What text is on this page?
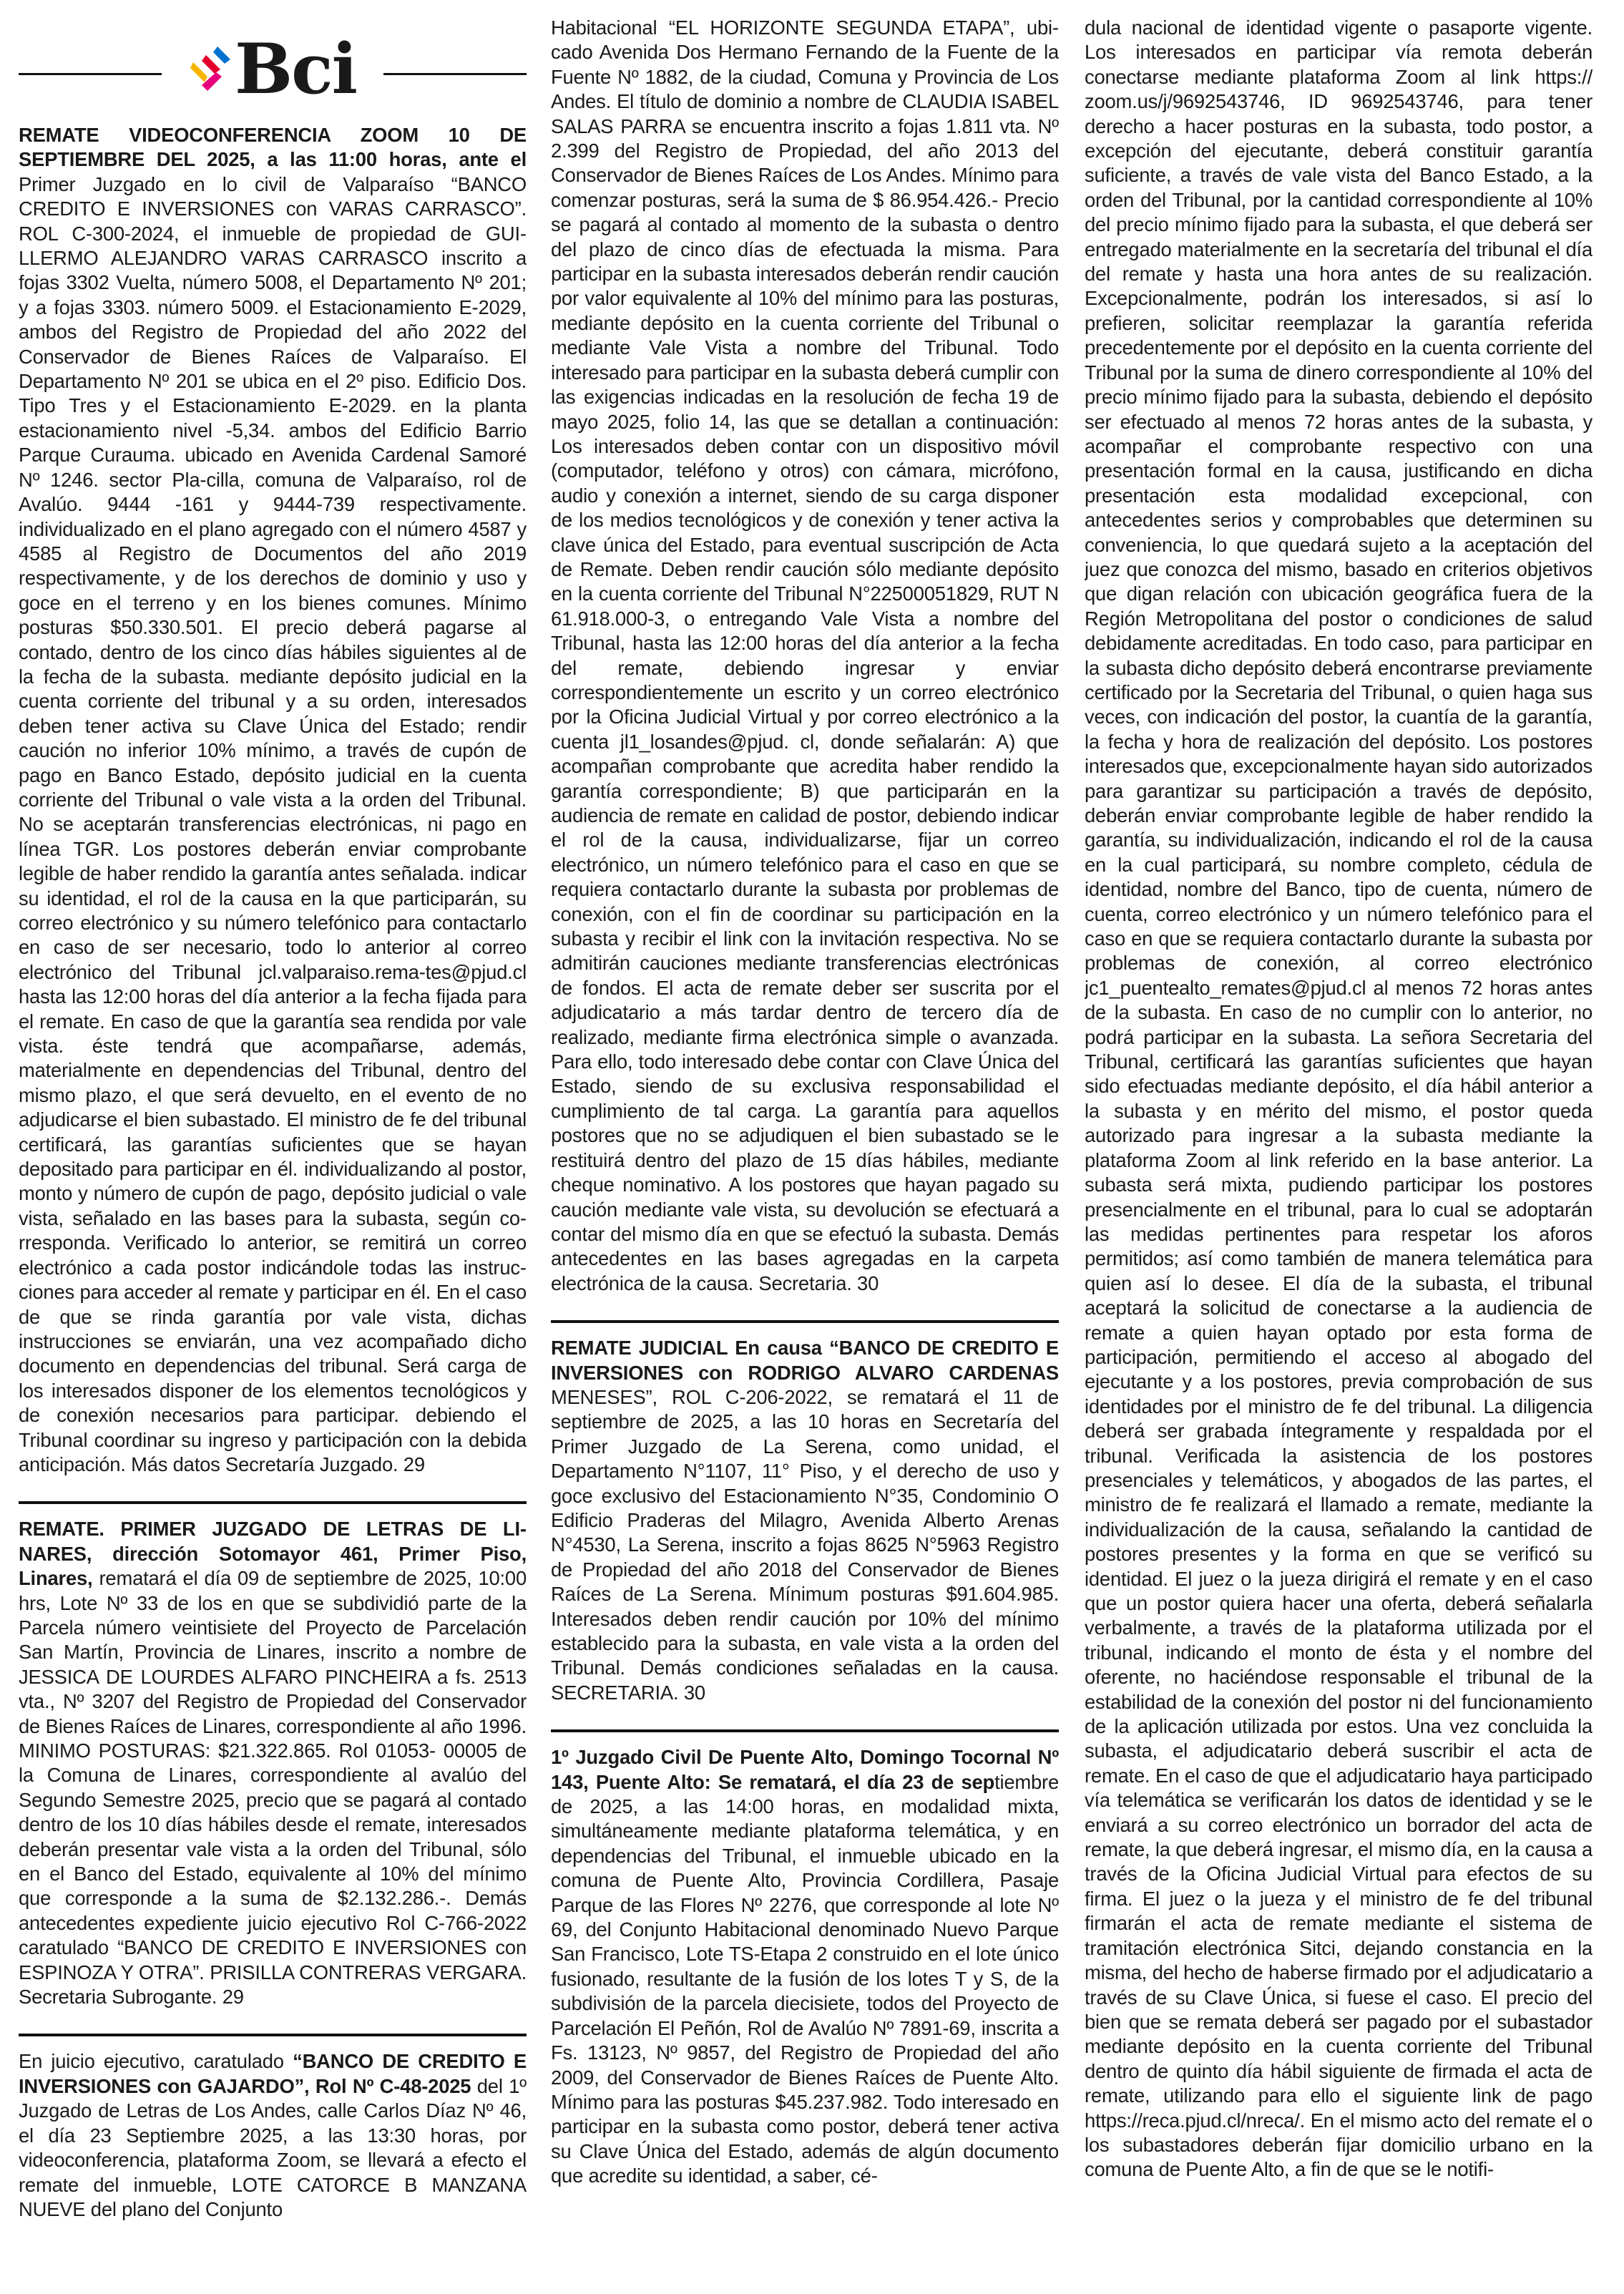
Bci

REMATE VIDEOCONFERENCIA ZOOM 10 DE SEPTIEMBRE DEL 2025, a las 11:00 horas, ante el Primer Juzgado en lo civil de Valparaíso “BANCO CREDITO E INVERSIONES con VARAS CARRASCO”. ROL C-300-2024, el inmueble de propiedad de GUILLERMO ALEJANDRO VARAS CARRASCO inscrito a fojas 3302 Vuelta, número 5008, el Departamento Nº 201; y a fojas 3303. número 5009. el Estacionamiento E-2029, ambos del Registro de Propiedad del año 2022 del Conservador de Bienes Raíces de Valparaíso. El Departamento Nº 201 se ubica en el 2º piso. Edificio Dos. Tipo Tres y el Estacionamiento E-2029. en la planta estacionamiento nivel -5,34. ambos del Edificio Barrio Parque Curauma. ubicado en Avenida Cardenal Samoré Nº 1246. sector Pla-cilla, comuna de Valparaíso, rol de Avalúo. 9444 -161 y 9444-739 respectivamente. individualizado en el plano agregado con el número 4587 y 4585 al Registro de Documentos del año 2019 respectivamente, y de los derechos de dominio y uso y goce en el terreno y en los bienes comunes. Mínimo posturas $50.330.501. El precio deberá pagarse al contado, dentro de los cinco días hábiles siguientes al de la fecha de la subasta. mediante depósito judicial en la cuenta corriente del tribunal y a su orden, interesados deben tener activa su Clave Única del Estado; rendir caución no inferior 10% mínimo, a través de cupón de pago en Banco Estado, depósito judicial en la cuenta corriente del Tribunal o vale vista a la orden del Tribunal. No se aceptarán transferencias electrónicas, ni pago en línea TGR. Los postores deberán enviar comprobante legible de haber rendido la garantía antes señalada. indicar su identidad, el rol de la causa en la que participarán, su correo electrónico y su número telefónico para contactarlo en caso de ser necesario, todo lo anterior al correo electrónico del Tribunal jcl.valparaiso.rema-tes@pjud.cl hasta las 12:00 horas del día anterior a la fecha fijada para el remate. En caso de que la garantía sea rendida por vale vista. éste tendrá que acompañarse, además, materialmente en dependencias del Tribunal, dentro del mismo plazo, el que será devuelto, en el evento de no adjudicarse el bien subastado. El ministro de fe del tribunal certificará, las garantías suficientes que se hayan depositado para participar en él. individualizando al postor, monto y número de cupón de pago, depósito judicial o vale vista, señalado en las bases para la subasta, según corresponda. Verificado lo anterior, se remitirá un correo electrónico a cada postor indicándole todas las instrucciones para acceder al remate y participar en él. En el caso de que se rinda garantía por vale vista, dichas instrucciones se enviarán, una vez acompañado dicho documento en dependencias del tribunal. Será carga de los interesados disponer de los elementos tecnológicos y de conexión necesarios para participar. debiendo el Tribunal coordinar su ingreso y participación con la debida anticipación. Más datos Secretaría Juzgado. 29

REMATE. PRIMER JUZGADO DE LETRAS DE LINARES, dirección Sotomayor 461, Primer Piso, Linares, rematará el día 09 de septiembre de 2025, 10:00 hrs, Lote Nº 33 de los en que se subdividió parte de la Parcela número veintisiete del Proyecto de Parcelación San Martín, Provincia de Linares, inscrito a nombre de JESSICA DE LOURDES ALFARO PINCHEIRA a fs. 2513 vta., Nº 3207 del Registro de Propiedad del Conservador de Bienes Raíces de Linares, correspondiente al año 1996. MINIMO POSTURAS: $21.322.865. Rol 01053- 00005 de la Comuna de Linares, correspondiente al avalúo del Segundo Semestre 2025, precio que se pagará al contado dentro de los 10 días hábiles desde el remate, interesados deberán presentar vale vista a la orden del Tribunal, sólo en el Banco del Estado, equivalente al 10% del mínimo que corresponde a la suma de $2.132.286.-. Demás antecedentes expediente juicio ejecutivo Rol C-766-2022 caratulado “BANCO DE CREDITO E INVERSIONES con ESPINOZA Y OTRA”. PRISILLA CONTRERAS VERGARA. Secretaria Subrogante. 29

En juicio ejecutivo, caratulado “BANCO DE CREDITO E INVERSIONES con GAJARDO”, Rol Nº C-48-2025 del 1º Juzgado de Letras de Los Andes, calle Carlos Díaz Nº 46, el día 23 Septiembre 2025, a las 13:30 horas, por videoconferencia, plataforma Zoom, se llevará a efecto el remate del inmueble, LOTE CATORCE B MANZANA NUEVE del plano del Conjunto

Habitacional “EL HORIZONTE SEGUNDA ETAPA”, ubicado Avenida Dos Hermano Fernando de la Fuente de la Fuente Nº 1882, de la ciudad, Comuna y Provincia de Los Andes. El título de dominio a nombre de CLAUDIA ISABEL SALAS PARRA se encuentra inscrito a fojas 1.811 vta. Nº 2.399 del Registro de Propiedad, del año 2013 del Conservador de Bienes Raíces de Los Andes. Mínimo para comenzar posturas, será la suma de $ 86.954.426.- Precio se pagará al contado al momento de la subasta o dentro del plazo de cinco días de efectuada la misma. Para participar en la subasta interesados deberán rendir caución por valor equivalente al 10% del mínimo para las posturas, mediante depósito en la cuenta corriente del Tribunal o mediante Vale Vista a nombre del Tribunal. Todo interesado para participar en la subasta deberá cumplir con las exigencias indicadas en la resolución de fecha 19 de mayo 2025, folio 14, las que se detallan a continuación: Los interesados deben contar con un dispositivo móvil (computador, teléfono y otros) con cámara, micrófono, audio y conexión a internet, siendo de su carga disponer de los medios tecnológicos y de conexión y tener activa la clave única del Estado, para eventual suscripción de Acta de Remate. Deben rendir caución sólo mediante depósito en la cuenta corriente del Tribunal N°22500051829, RUT N 61.918.000-3, o entregando Vale Vista a nombre del Tribunal, hasta las 12:00 horas del día anterior a la fecha del remate, debiendo ingresar y enviar correspondientemente un escrito y un correo electrónico por la Oficina Judicial Virtual y por correo electrónico a la cuenta jl1_losandes@pjud. cl, donde señalarán: A) que acompañan comprobante que acredita haber rendido la garantía correspondiente; B) que participarán en la audiencia de remate en calidad de postor, debiendo indicar el rol de la causa, individualizarse, fijar un correo electrónico, un número telefónico para el caso en que se requiera contactarlo durante la subasta por problemas de conexión, con el fin de coordinar su participación en la subasta y recibir el link con la invitación respectiva. No se admitirán cauciones mediante transferencias electrónicas de fondos. El acta de remate deber ser suscrita por el adjudicatario a más tardar dentro de tercero día de realizado, mediante firma electrónica simple o avanzada. Para ello, todo interesado debe contar con Clave Única del Estado, siendo de su exclusiva responsabilidad el cumplimiento de tal carga. La garantía para aquellos postores que no se adjudiquen el bien subastado se le restituirá dentro del plazo de 15 días hábiles, mediante cheque nominativo. A los postores que hayan pagado su caución mediante vale vista, su devolución se efectuará a contar del mismo día en que se efectuó la subasta. Demás antecedentes en las bases agregadas en la carpeta electrónica de la causa. Secretaria. 30

REMATE JUDICIAL En causa “BANCO DE CREDITO E INVERSIONES con RODRIGO ALVARO CARDENAS MENESES”, ROL C-206-2022, se rematará el 11 de septiembre de 2025, a las 10 horas en Secretaría del Primer Juzgado de La Serena, como unidad, el Departamento N°1107, 11° Piso, y el derecho de uso y goce exclusivo del Estacionamiento N°35, Condominio O Edificio Praderas del Milagro, Avenida Alberto Arenas N°4530, La Serena, inscrito a fojas 8625 N°5963 Registro de Propiedad del año 2018 del Conservador de Bienes Raíces de La Serena. Mínimum posturas $91.604.985. Interesados deben rendir caución por 10% del mínimo establecido para la subasta, en vale vista a la orden del Tribunal. Demás condiciones señaladas en la causa. SECRETARIA. 30

1º Juzgado Civil De Puente Alto, Domingo Tocornal Nº 143, Puente Alto: Se rematará, el día 23 de septiembre de 2025, a las 14:00 horas, en modalidad mixta, simultáneamente mediante plataforma telemática, y en dependencias del Tribunal, el inmueble ubicado en la comuna de Puente Alto, Provincia Cordillera, Pasaje Parque de las Flores Nº 2276, que corresponde al lote Nº 69, del Conjunto Habitacional denominado Nuevo Parque San Francisco, Lote TS-Etapa 2 construido en el lote único fusionado, resultante de la fusión de los lotes T y S, de la subdivisión de la parcela diecisiete, todos del Proyecto de Parcelación El Peñón, Rol de Avalúo Nº 7891-69, inscrita a Fs. 13123, Nº 9857, del Registro de Propiedad del año 2009, del Conservador de Bienes Raíces de Puente Alto. Mínimo para las posturas $45.237.982. Todo interesado en participar en la subasta como postor, deberá tener activa su Clave Única del Estado, además de algún documento que acredite su identidad, a saber, cé-

dula nacional de identidad vigente o pasaporte vigente. Los interesados en participar vía remota deberán conectarse mediante plataforma Zoom al link https:// zoom.us/j/9692543746, ID 9692543746, para tener derecho a hacer posturas en la subasta, todo postor, a excepción del ejecutante, deberá constituir garantía suficiente, a través de vale vista del Banco Estado, a la orden del Tribunal, por la cantidad correspondiente al 10% del precio mínimo fijado para la subasta, el que deberá ser entregado materialmente en la secretaría del tribunal el día del remate y hasta una hora antes de su realización. Excepcionalmente, podrán los interesados, si así lo prefieren, solicitar reemplazar la garantía referida precedentemente por el depósito en la cuenta corriente del Tribunal por la suma de dinero correspondiente al 10% del precio mínimo fijado para la subasta, debiendo el depósito ser efectuado al menos 72 horas antes de la subasta, y acompañar el comprobante respectivo con una presentación formal en la causa, justificando en dicha presentación esta modalidad excepcional, con antecedentes serios y comprobables que determinen su conveniencia, lo que quedará sujeto a la aceptación del juez que conozca del mismo, basado en criterios objetivos que digan relación con ubicación geográfica fuera de la Región Metropolitana del postor o condiciones de salud debidamente acreditadas. En todo caso, para participar en la subasta dicho depósito deberá encontrarse previamente certificado por la Secretaria del Tribunal, o quien haga sus veces, con indicación del postor, la cuantía de la garantía, la fecha y hora de realización del depósito. Los postores interesados que, excepcionalmente hayan sido autorizados para garantizar su participación a través de depósito, deberán enviar comprobante legible de haber rendido la garantía, su individualización, indicando el rol de la causa en la cual participará, su nombre completo, cédula de identidad, nombre del Banco, tipo de cuenta, número de cuenta, correo electrónico y un número telefónico para el caso en que se requiera contactarlo durante la subasta por problemas de conexión, al correo electrónico jc1_puentealto_remates@pjud.cl al menos 72 horas antes de la subasta. En caso de no cumplir con lo anterior, no podrá participar en la subasta. La señora Secretaria del Tribunal, certificará las garantías suficientes que hayan sido efectuadas mediante depósito, el día hábil anterior a la subasta y en mérito del mismo, el postor queda autorizado para ingresar a la subasta mediante la plataforma Zoom al link referido en la base anterior. La subasta será mixta, pudiendo participar los postores presencialmente en el tribunal, para lo cual se adoptarán las medidas pertinentes para respetar los aforos permitidos; así como también de manera telemática para quien así lo desee. El día de la subasta, el tribunal aceptará la solicitud de conectarse a la audiencia de remate a quien hayan optado por esta forma de participación, permitiendo el acceso al abogado del ejecutante y a los postores, previa comprobación de sus identidades por el ministro de fe del tribunal. La diligencia deberá ser grabada íntegramente y respaldada por el tribunal. Verificada la asistencia de los postores presenciales y telemáticos, y abogados de las partes, el ministro de fe realizará el llamado a remate, mediante la individualización de la causa, señalando la cantidad de postores presentes y la forma en que se verificó su identidad. El juez o la jueza dirigirá el remate y en el caso que un postor quiera hacer una oferta, deberá señalarla verbalmente, a través de la plataforma utilizada por el tribunal, indicando el monto de ésta y el nombre del oferente, no haciéndose responsable el tribunal de la estabilidad de la conexión del postor ni del funcionamiento de la aplicación utilizada por estos. Una vez concluida la subasta, el adjudicatario deberá suscribir el acta de remate. En el caso de que el adjudicatario haya participado vía telemática se verificarán los datos de identidad y se le enviará a su correo electrónico un borrador del acta de remate, la que deberá ingresar, el mismo día, en la causa a través de la Oficina Judicial Virtual para efectos de su firma. El juez o la jueza y el ministro de fe del tribunal firmarán el acta de remate mediante el sistema de tramitación electrónica Sitci, dejando constancia en la misma, del hecho de haberse firmado por el adjudicatario a través de su Clave Única, si fuese el caso. El precio del bien que se remata deberá ser pagado por el subastador mediante depósito en la cuenta corriente del Tribunal dentro de quinto día hábil siguiente de firmada el acta de remate, utilizando para ello el siguiente link de pago https://reca.pjud.cl/nreca/. En el mismo acto del remate el o los subastadores deberán fijar domicilio urbano en la comuna de Puente Alto, a fin de que se le notifi-
